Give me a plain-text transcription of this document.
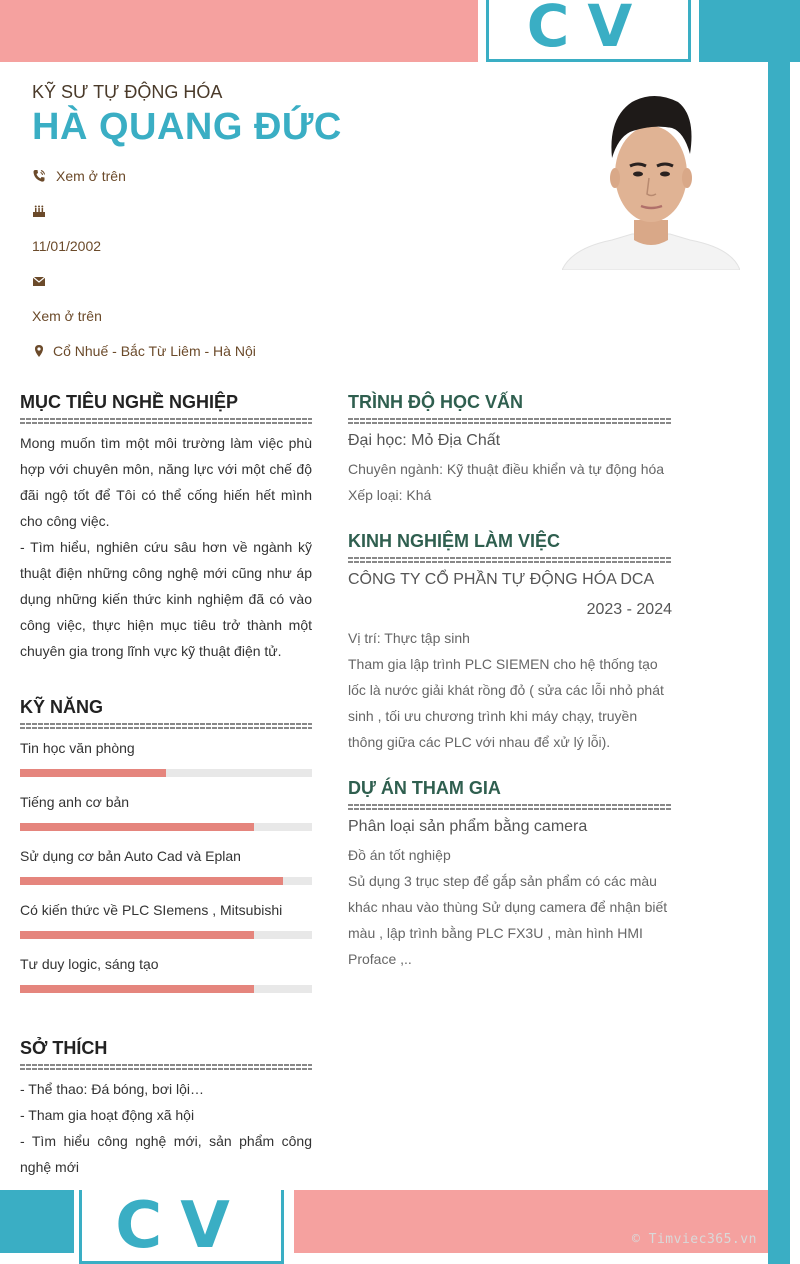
CV
CV	© Timviec365.vn
KỸ SƯ TỰ ĐỘNG HÓA
HÀ QUANG ĐỨC
Xem ở trên
11/01/2002
Xem ở trên
Cổ Nhuế - Bắc Từ Liêm - Hà Nội
MỤC TIÊU NGHỀ NGHIỆP
Mong muốn tìm một môi trường làm việc phù hợp với chuyên môn, năng lực với một chế độ đãi ngộ tốt để Tôi có thể cống hiến hết mình cho công việc.
- Tìm hiểu, nghiên cứu sâu hơn về ngành kỹ thuật điện những công nghệ mới cũng như áp dụng những kiến thức kinh nghiệm đã có vào công việc, thực hiện mục tiêu trở thành một chuyên gia trong lĩnh vực kỹ thuật điện tử.
KỸ NĂNG
Tin học văn phòng
Tiếng anh cơ bản
Sử dụng cơ bản Auto Cad và Eplan
Có kiến thức về PLC SIemens , Mitsubishi
Tư duy logic, sáng tạo
SỞ THÍCH
- Thể thao: Đá bóng, bơi lội…
- Tham gia hoạt động xã hội
- Tìm hiểu công nghệ mới, sản phẩm công nghệ mới
TRÌNH ĐỘ HỌC VẤN
Đại học: Mỏ Địa Chất
Chuyên ngành: Kỹ thuật điều khiển và tự động hóa
Xếp loại: Khá
KINH NGHIỆM LÀM VIỆC
CÔNG TY CỔ PHẦN TỰ ĐỘNG HÓA DCA
2023 - 2024
Vị trí: Thực tập sinh
Tham gia lập trình PLC SIEMEN cho hệ thống tạo lốc là nước giải khát rồng đỏ ( sửa các lỗi nhỏ phát sinh , tối ưu chương trình khi máy chạy, truyền thông giữa các PLC với nhau để xử lý lỗi).
DỰ ÁN THAM GIA
Phân loại sản phẩm bằng camera
Đồ án tốt nghiệp
Sủ dụng 3 trục step để gắp sản phẩm có các màu khác nhau vào thùng Sử dụng camera để nhận biết màu , lập trình bằng PLC FX3U , màn hình HMI Proface ,..
